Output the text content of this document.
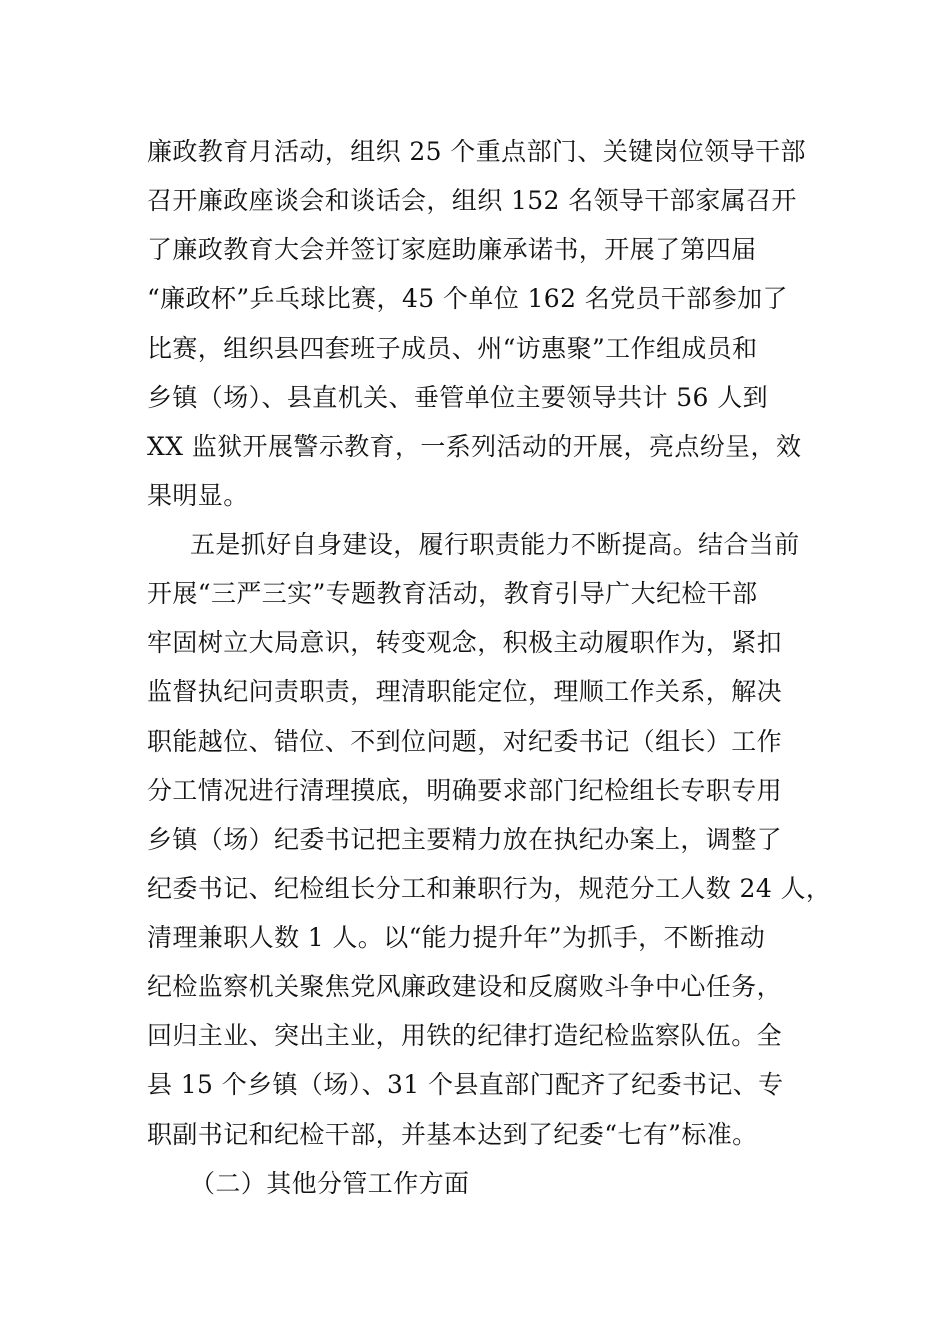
廉政教育月活动，组织 25 个重点部门、关键岗位领导干部
召开廉政座谈会和谈话会，组织 152 名领导干部家属召开
了廉政教育大会并签订家庭助廉承诺书，开展了第四届
“廉政杯”乒乓球比赛，45 个单位 162 名党员干部参加了
比赛，组织县四套班子成员、州“访惠聚”工作组成员和
乡镇（场）、县直机关、垂管单位主要领导共计 56 人到
XX 监狱开展警示教育，一系列活动的开展，亮点纷呈，效
果明显。
五是抓好自身建设，履行职责能力不断提高。结合当前
开展“三严三实”专题教育活动，教育引导广大纪检干部
牢固树立大局意识，转变观念，积极主动履职作为，紧扣
监督执纪问责职责，理清职能定位，理顺工作关系，解决
职能越位、错位、不到位问题，对纪委书记（组长）工作
分工情况进行清理摸底，明确要求部门纪检组长专职专用
乡镇（场）纪委书记把主要精力放在执纪办案上，调整了
纪委书记、纪检组长分工和兼职行为，规范分工人数 24 人，
清理兼职人数 1 人。以“能力提升年”为抓手，不断推动
纪检监察机关聚焦党风廉政建设和反腐败斗争中心任务，
回归主业、突出主业，用铁的纪律打造纪检监察队伍。全
县 15 个乡镇（场）、31 个县直部门配齐了纪委书记、专
职副书记和纪检干部，并基本达到了纪委“七有”标准。
（二）其他分管工作方面
